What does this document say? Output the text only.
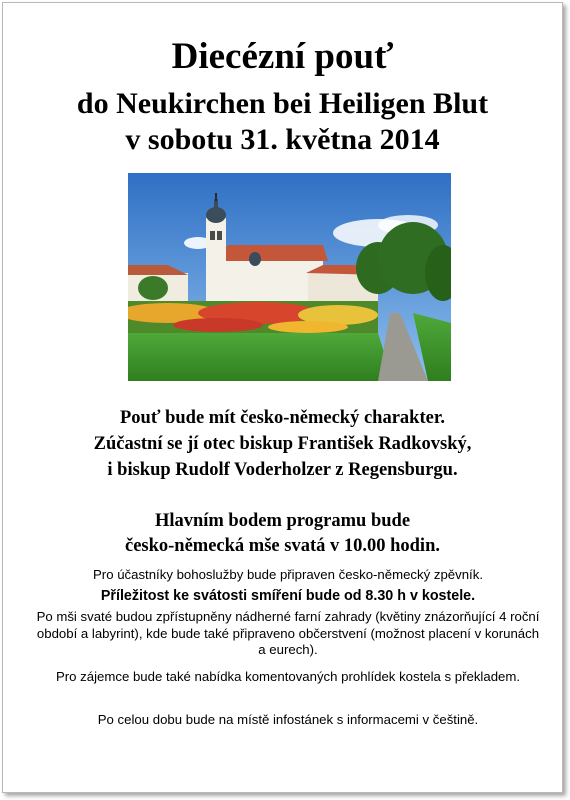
Diecézní pouť
do Neukirchen bei Heiligen Blut
v sobotu 31. května 2014
Pouť bude mít česko-německý charakter.
Zúčastní se jí otec biskup František Radkovský,
i biskup Rudolf Voderholzer z Regensburgu.
Hlavním bodem programu bude
česko-německá mše svatá v 10.00 hodin.
Pro účastníky bohoslužby bude připraven česko-německý zpěvník.
Příležitost ke svátosti smíření bude od 8.30 h v kostele.
Po mši svaté budou zpřístupněny nádherné farní zahrady (květiny znázorňující 4 roční období a labyrint), kde bude také připraveno občerstvení (možnost placení v korunách a eurech).
Pro zájemce bude také nabídka komentovaných prohlídek kostela s překladem.
Po celou dobu bude na místě infostánek s informacemi v češtině.
